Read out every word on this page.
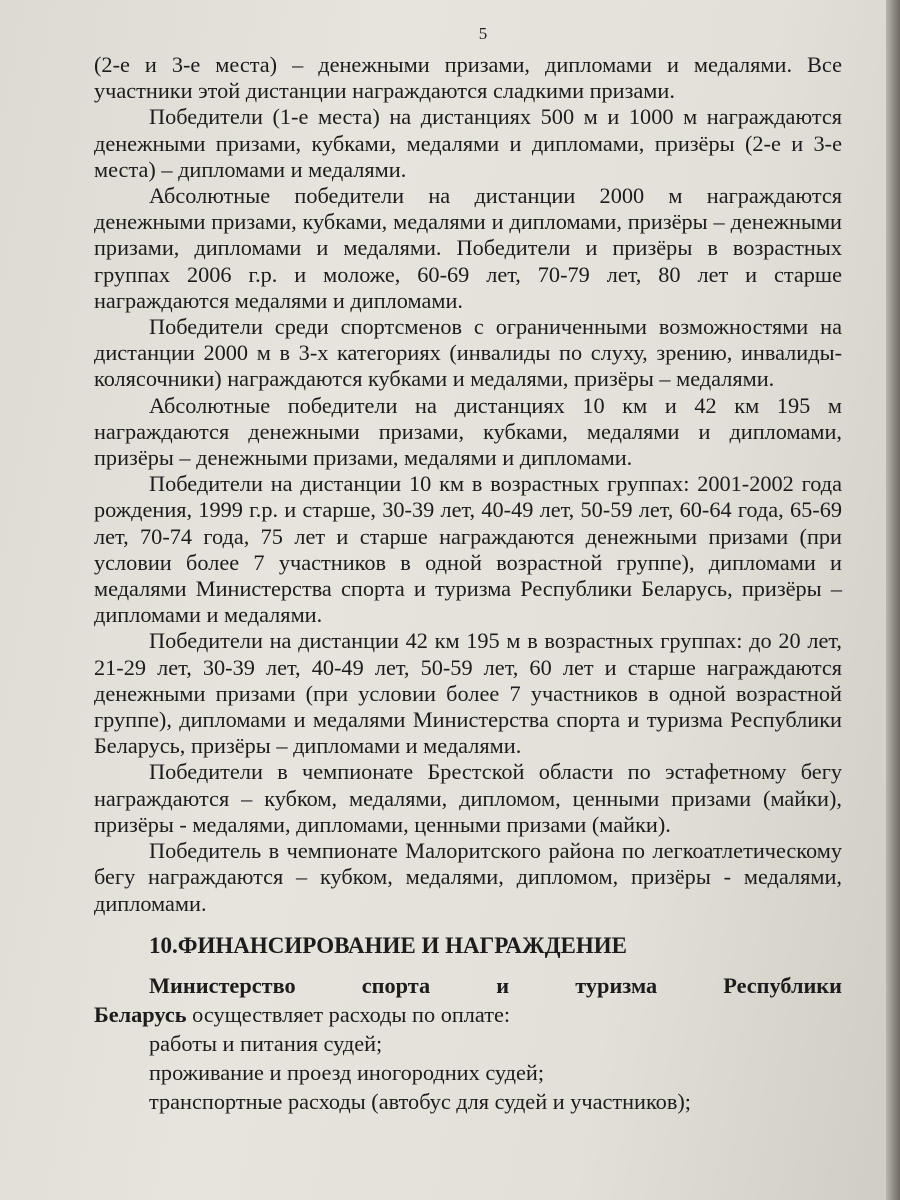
5

(2-е и 3-е места) – денежными призами, дипломами и медалями. Все участники этой дистанции награждаются сладкими призами.

Победители (1-е места) на дистанциях 500 м и 1000 м награждаются денежными призами, кубками, медалями и дипломами, призёры (2-е и 3-е места) – дипломами и медалями.

Абсолютные победители на дистанции 2000 м награждаются денежными призами, кубками, медалями и дипломами, призёры – денежными призами, дипломами и медалями. Победители и призёры в возрастных группах 2006 г.р. и моложе, 60-69 лет, 70-79 лет, 80 лет и старше награждаются медалями и дипломами.

Победители среди спортсменов с ограниченными возможностями на дистанции 2000 м в 3-х категориях (инвалиды по слуху, зрению, инвалиды-колясочники) награждаются кубками и медалями, призёры – медалями.

Абсолютные победители на дистанциях 10 км и 42 км 195 м награждаются денежными призами, кубками, медалями и дипломами, призёры – денежными призами, медалями и дипломами.

Победители на дистанции 10 км в возрастных группах: 2001-2002 года рождения, 1999 г.р. и старше, 30-39 лет, 40-49 лет, 50-59 лет, 60-64 года, 65-69 лет, 70-74 года, 75 лет и старше награждаются денежными призами (при условии более 7 участников в одной возрастной группе), дипломами и медалями Министерства спорта и туризма Республики Беларусь, призёры – дипломами и медалями.

Победители на дистанции 42 км 195 м в возрастных группах: до 20 лет, 21-29 лет, 30-39 лет, 40-49 лет, 50-59 лет, 60 лет и старше награждаются денежными призами (при условии более 7 участников в одной возрастной группе), дипломами и медалями Министерства спорта и туризма Республики Беларусь, призёры – дипломами и медалями.

Победители в чемпионате Брестской области по эстафетному бегу награждаются – кубком, медалями, дипломом, ценными призами (майки), призёры - медалями, дипломами, ценными призами (майки).

Победитель в чемпионате Малоритского района по легкоатлетическому бегу награждаются – кубком, медалями, дипломом, призёры - медалями, дипломами.

10.ФИНАНСИРОВАНИЕ И НАГРАЖДЕНИЕ

Министерство спорта и туризма Республики Беларусь осуществляет расходы по оплате:

работы и питания судей;
проживание и проезд иногородних судей;
транспортные расходы (автобус для судей и участников);
